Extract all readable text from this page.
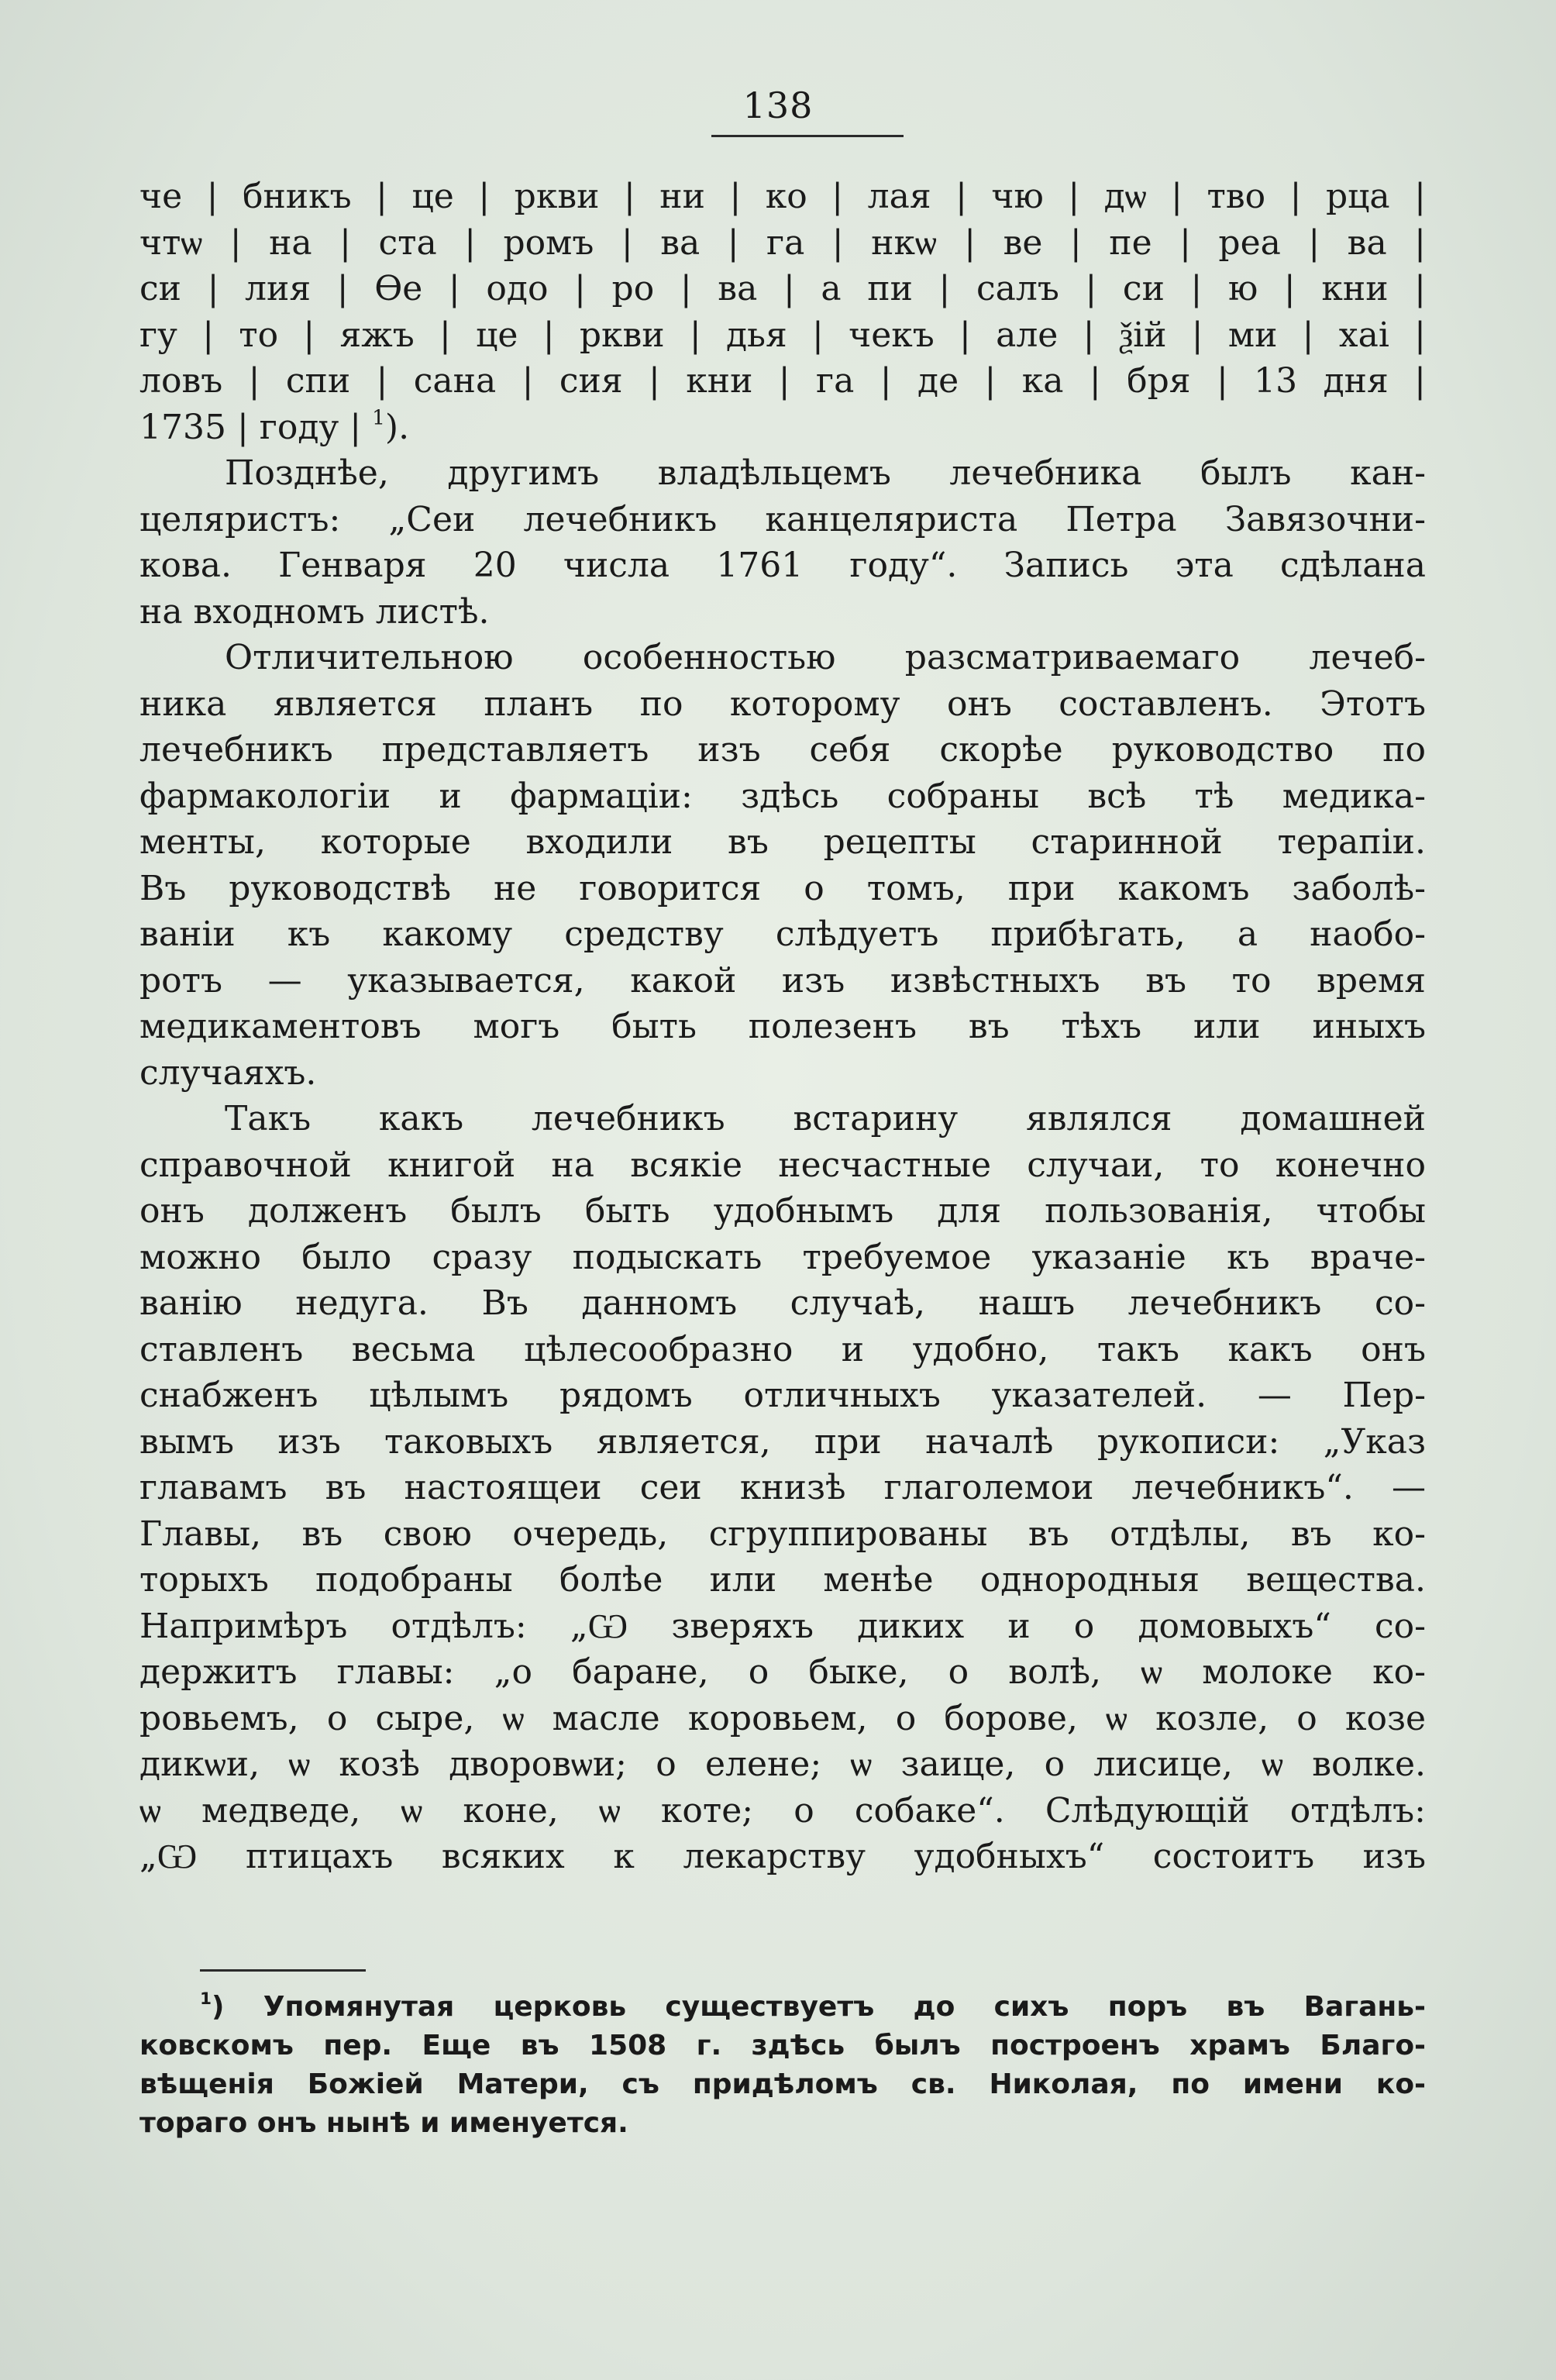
138
че | бникъ | це | ркви | ни | ко | лая | чю | дѡ | тво | рца |
чтѡ | на | ста | ромъ | ва | га | нкѡ | ве | пе | реа | ва |
си | лия | Ѳе | одо | ро | ва | а пи | салъ | си | ю | кни |
гу | то | яжъ | це | ркви | дья | чекъ | але | ѯій | ми | хаі |
ловъ | спи | сана | сия | кни | га | де | ка | бря | 13 дня |
1735 | году | $^1$).
Позднѣе, другимъ владѣльцемъ лечебника былъ кан-
целяристъ: „Сеи лечебникъ канцеляриста Петра Завязочни-
кова. Генваря 20 числа 1761 году“. Запись эта сдѣлана
на входномъ листѣ.
Отличительною особенностью разсматриваемаго лечеб-
ника является планъ по которому онъ составленъ. Этотъ
лечебникъ представляетъ изъ себя скорѣе руководство по
фармакологіи и фармаціи: здѣсь собраны всѣ тѣ медика-
менты, которые входили въ рецепты старинной терапіи.
Въ руководствѣ не говорится о томъ, при какомъ заболѣ-
ваніи къ какому средству слѣдуетъ прибѣгать, а наобо-
ротъ — указывается, какой изъ извѣстныхъ въ то время
медикаментовъ могъ быть полезенъ въ тѣхъ или иныхъ
случаяхъ.
Такъ какъ лечебникъ встарину являлся домашней
справочной книгой на всякіе несчастные случаи, то конечно
онъ долженъ былъ быть удобнымъ для пользованія, чтобы
можно было сразу подыскать требуемое указаніе къ враче-
ванію недуга. Въ данномъ случаѣ, нашъ лечебникъ со-
ставленъ весьма цѣлесообразно и удобно, такъ какъ онъ
снабженъ цѣлымъ рядомъ отличныхъ указателей. — Пер-
вымъ изъ таковыхъ является, при началѣ рукописи: „Указ
главамъ въ настоящеи сеи книзѣ глаголемои лечебникъ“. —
Главы, въ свою очередь, сгруппированы въ отдѣлы, въ ко-
торыхъ подобраны болѣе или менѣе однородныя вещества.
Напримѣръ отдѣлъ: „Ѡ зверяхъ диких и о домовыхъ“ со-
держитъ главы: „о баране, о быке, о волѣ, ѡ молоке ко-
ровьемъ, о сыре, ѡ масле коровьем, о борове, ѡ козле, о козе
дикѡи, ѡ козѣ дворовѡи; о елене; ѡ заице, о лисице, ѡ волке.
ѡ медведе, ѡ коне, ѡ коте; о собаке“. Слѣдующій отдѣлъ:
„Ѡ птицахъ всяких к лекарству удобныхъ“ состоитъ изъ
$^1$) Упомянутая церковь существуетъ до сихъ поръ въ Вагань-
ковскомъ пер. Еще въ 1508 г. здѣсь былъ построенъ храмъ Благо-
вѣщенія Божіей Матери, съ придѣломъ св. Николая, по имени ко-
тораго онъ нынѣ и именуется.
